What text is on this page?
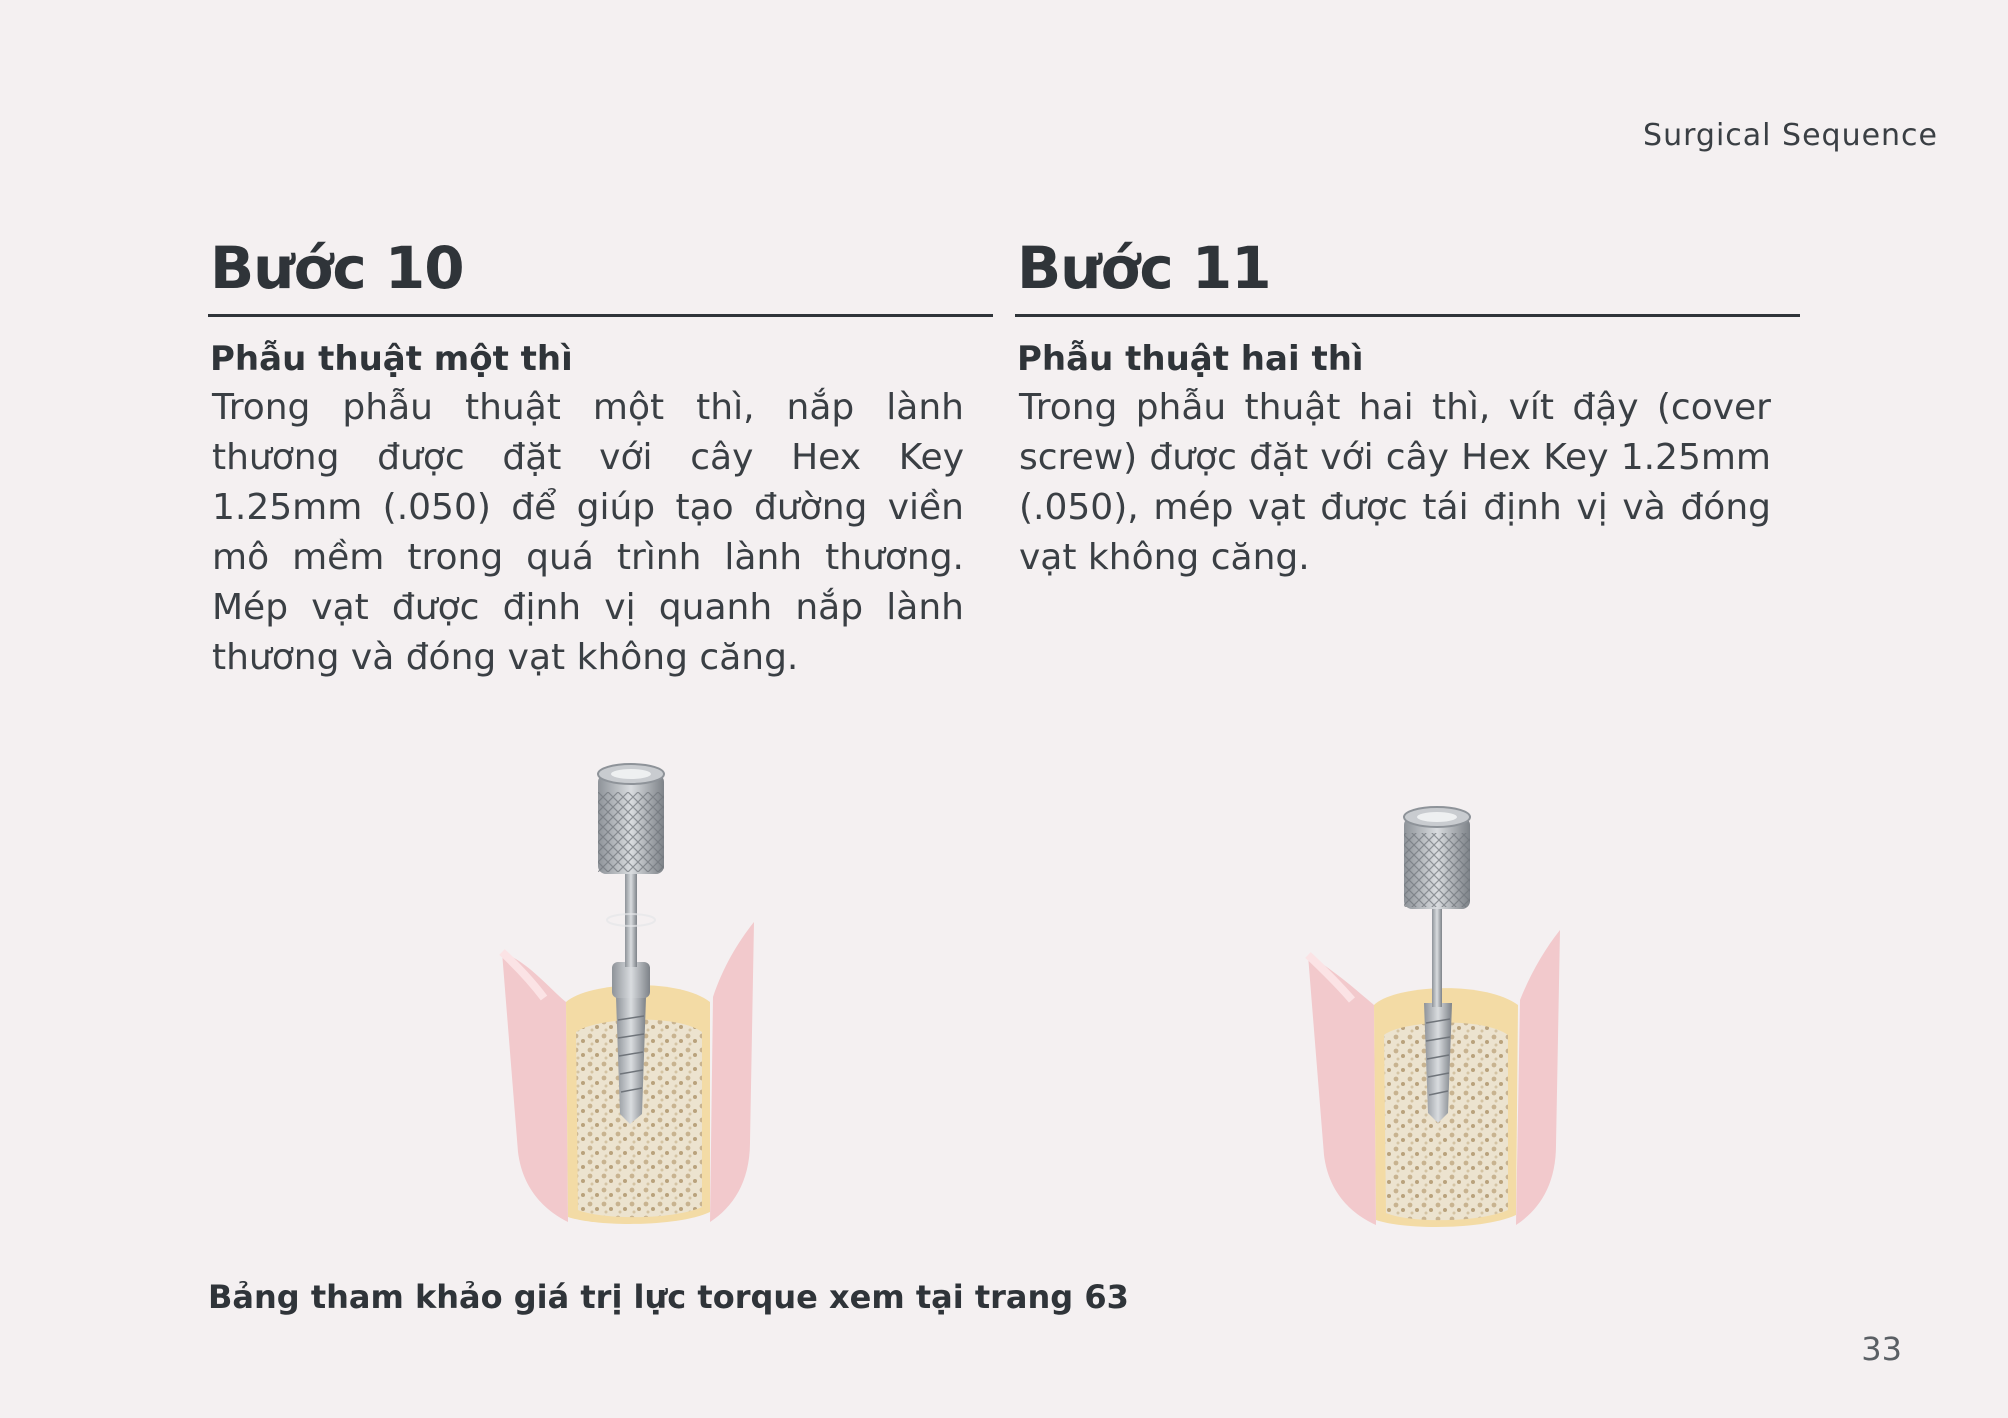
Surgical Sequence
Bước 10
Phẫu thuật một thì
Trong phẫu thuật một thì, nắp lành thương được đặt với cây Hex Key 1.25mm (.050) để giúp tạo đường viền mô mềm trong quá trình lành thương. Mép vạt được định vị quanh nắp lành thương và đóng vạt không căng.
Bước 11
Phẫu thuật hai thì
Trong phẫu thuật hai thì, vít đậy (cover screw) được đặt với cây Hex Key 1.25mm (.050), mép vạt được tái định vị và đóng vạt không căng.
Bảng tham khảo giá trị lực torque xem tại trang 63
33
